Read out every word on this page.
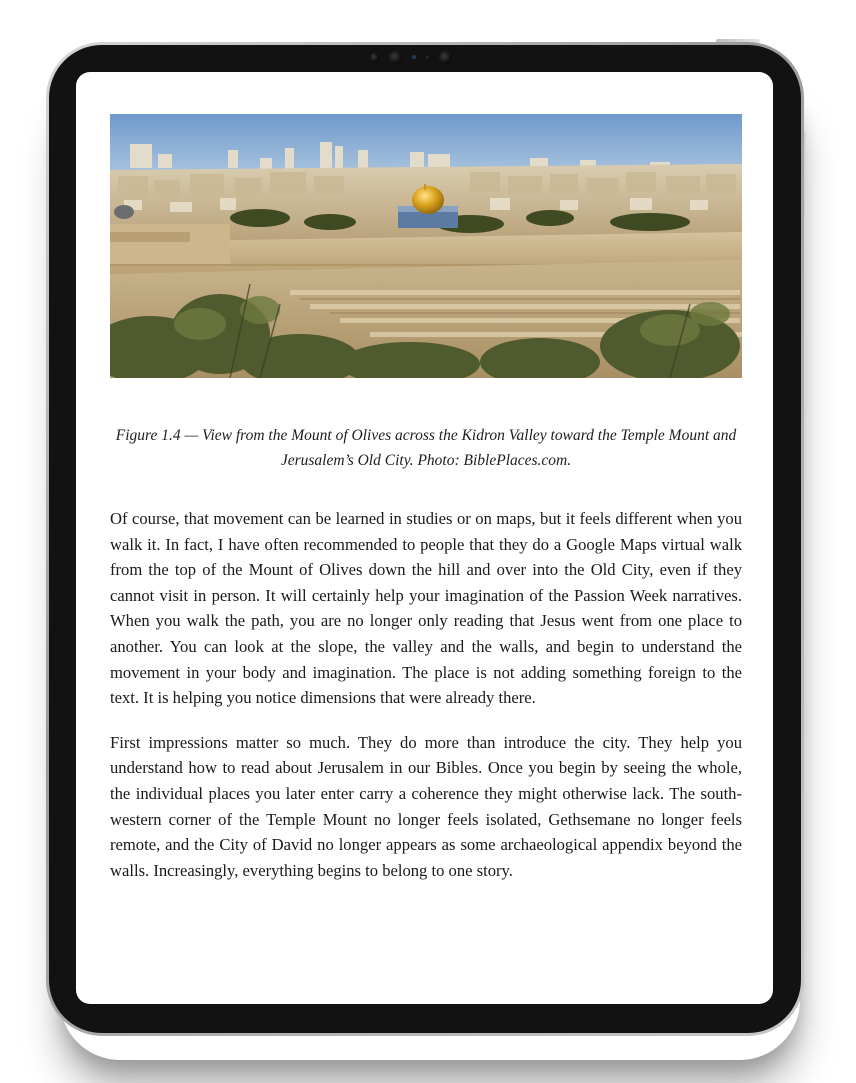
Figure 1.4 — View from the Mount of Olives across the Kidron Valley toward the Temple Mount and Jerusalem’s Old City. Photo: BiblePlaces.com.

Of course, that movement can be learned in studies or on maps, but it feels different when you walk it. In fact, I have often recommended to people that they do a Google Maps virtual walk from the top of the Mount of Olives down the hill and over into the Old City, even if they cannot visit in person. It will certainly help your imagination of the Passion Week narratives. When you walk the path, you are no longer only reading that Jesus went from one place to another. You can look at the slope, the valley and the walls, and begin to understand the movement in your body and imagination. The place is not adding something foreign to the text. It is helping you notice dimensions that were already there.

First impressions matter so much. They do more than introduce the city. They help you understand how to read about Jerusalem in our Bibles. Once you begin by seeing the whole, the individual places you later enter carry a coherence they might otherwise lack. The south-western corner of the Temple Mount no longer feels isolated, Gethsemane no longer feels remote, and the City of David no longer appears as some archaeological appendix beyond the walls. Increasingly, everything begins to belong to one story.
